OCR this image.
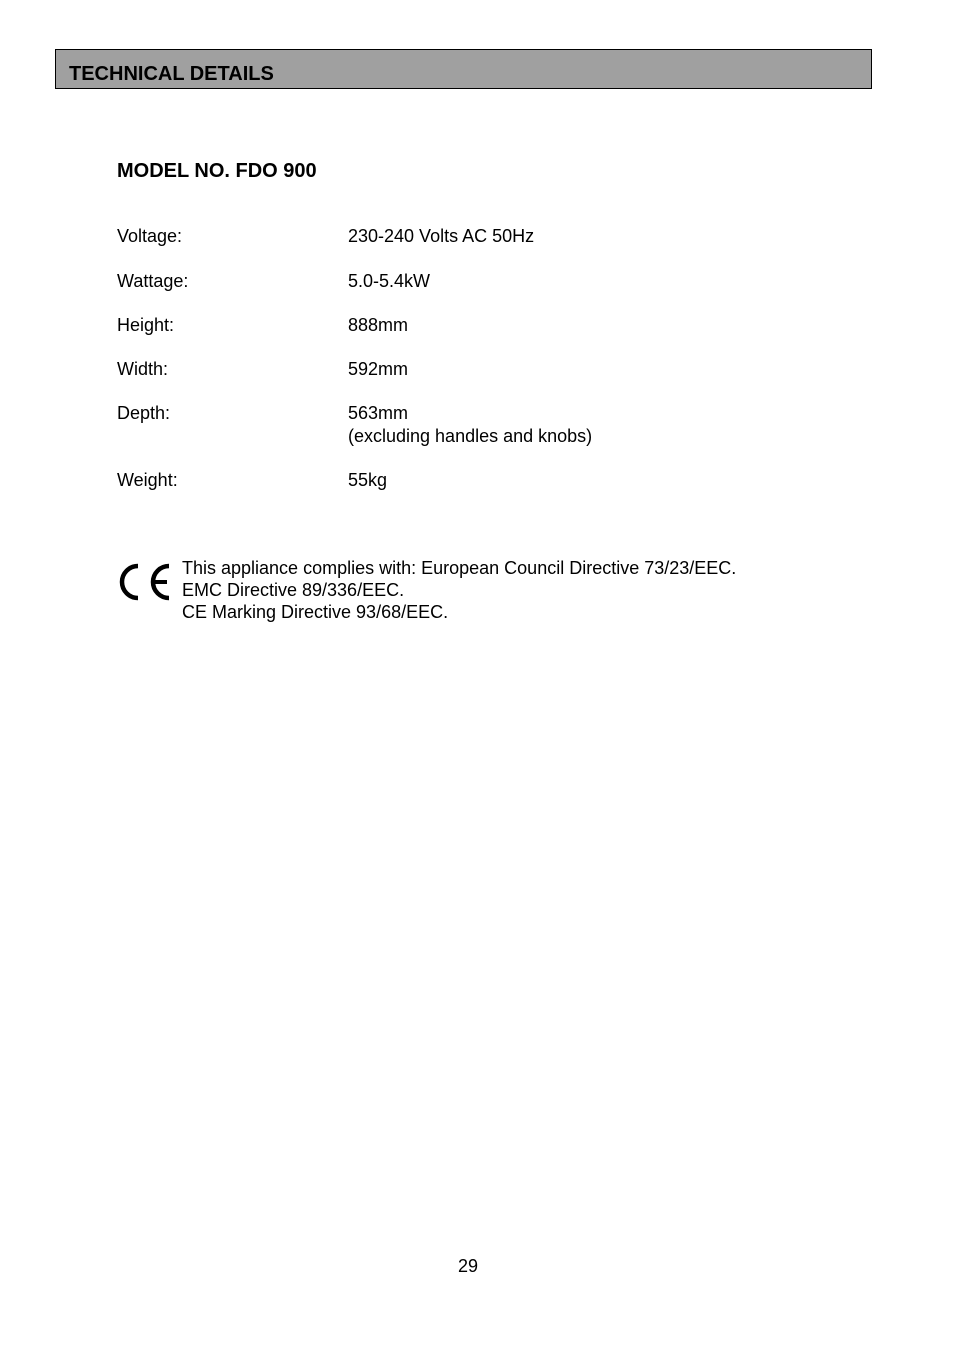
TECHNICAL DETAILS
MODEL NO. FDO 900
Voltage:	230-240 Volts AC 50Hz
Wattage:	5.0-5.4kW
Height:	888mm
Width:	592mm
Depth:	563mm
(excluding handles and knobs)
Weight:	55kg
This appliance complies with: European Council Directive 73/23/EEC.
EMC Directive 89/336/EEC.
CE Marking Directive 93/68/EEC.
29
